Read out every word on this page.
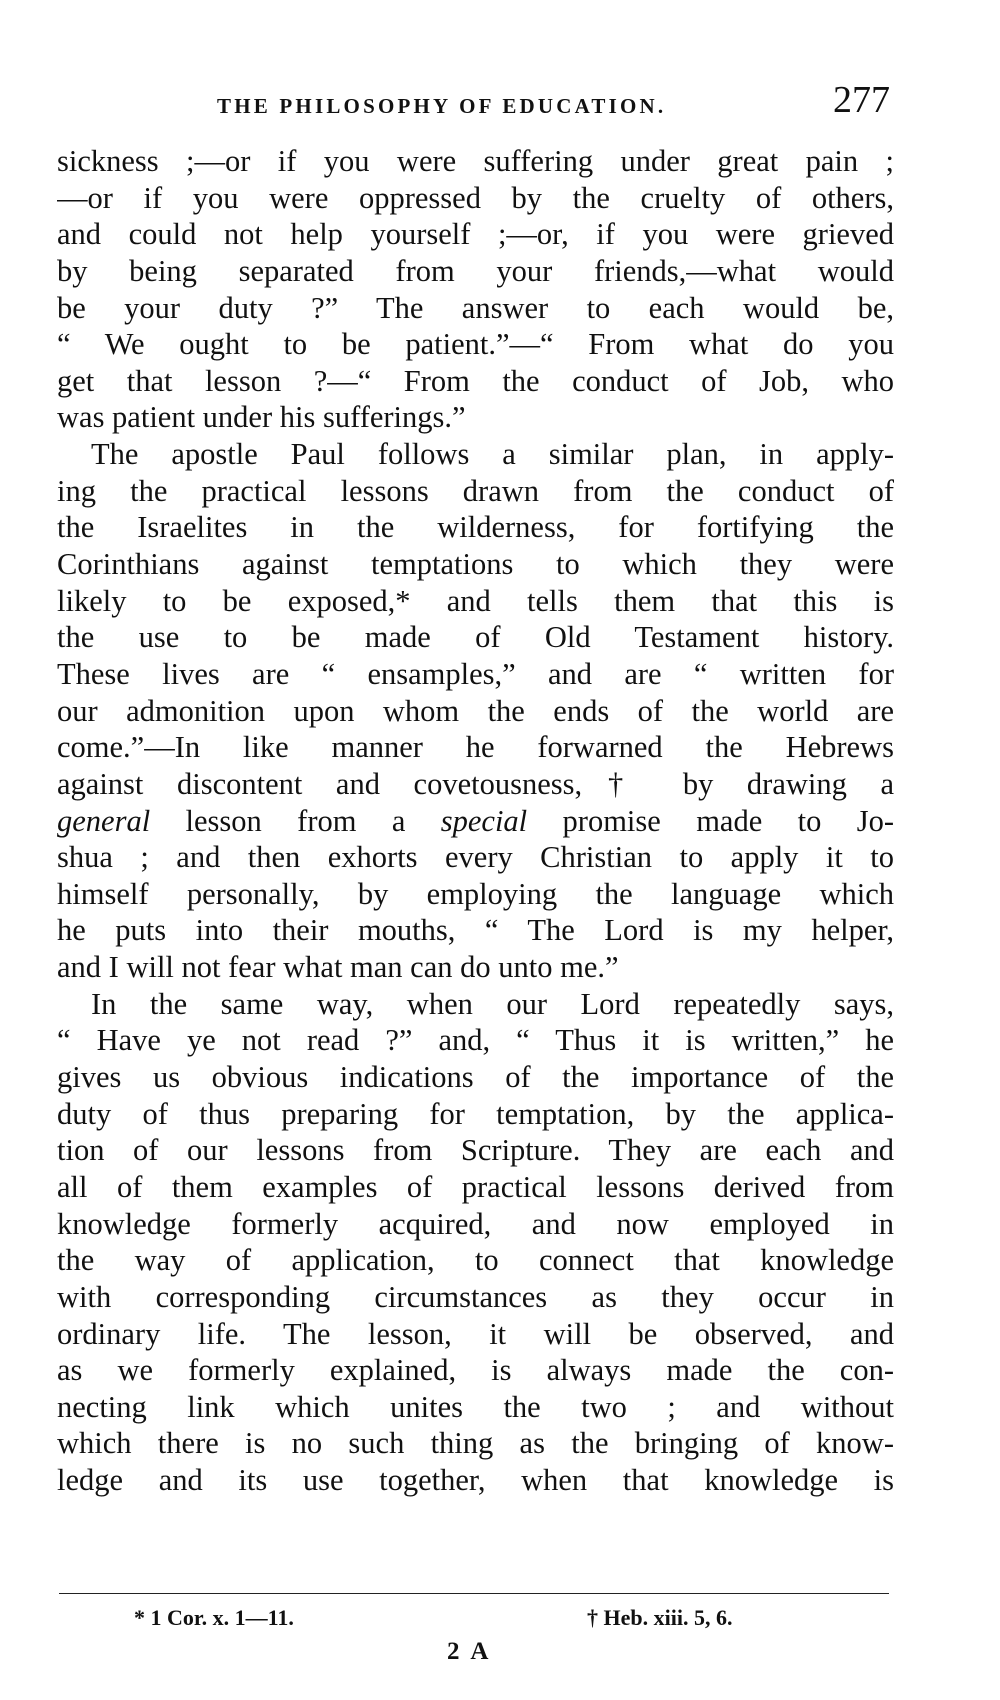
THE PHILOSOPHY OF EDUCATION.	277
sickness ;—or if you were suffering under great pain ;
—or if you were oppressed by the cruelty of others,
and could not help yourself ;—or, if you were grieved
by being separated from your friends,—what would
be your duty ?” The answer to each would be,
“ We ought to be patient.”—“ From what do you
get that lesson ?—“ From the conduct of Job, who
was patient under his sufferings.”
The apostle Paul follows a similar plan, in apply-
ing the practical lessons drawn from the conduct of
the Israelites in the wilderness, for fortifying the
Corinthians against temptations to which they were
likely to be exposed,* and tells them that this is
the use to be made of Old Testament history.
These lives are “ ensamples,” and are “ written for
our admonition upon whom the ends of the world are
come.”—In like manner he forwarned the Hebrews
against discontent and covetousness,† by drawing a
general lesson from a special promise made to Jo-
shua ; and then exhorts every Christian to apply it to
himself personally, by employing the language which
he puts into their mouths, “ The Lord is my helper,
and I will not fear what man can do unto me.”
In the same way, when our Lord repeatedly says,
“ Have ye not read ?” and, “ Thus it is written,” he
gives us obvious indications of the importance of the
duty of thus preparing for temptation, by the applica-
tion of our lessons from Scripture. They are each and
all of them examples of practical lessons derived from
knowledge formerly acquired, and now employed in
the way of application, to connect that knowledge
with corresponding circumstances as they occur in
ordinary life. The lesson, it will be observed, and
as we formerly explained, is always made the con-
necting link which unites the two ; and without
which there is no such thing as the bringing of know-
ledge and its use together, when that knowledge is
* 1 Cor. x. 1—11.	† Heb. xiii. 5, 6.
2 A
